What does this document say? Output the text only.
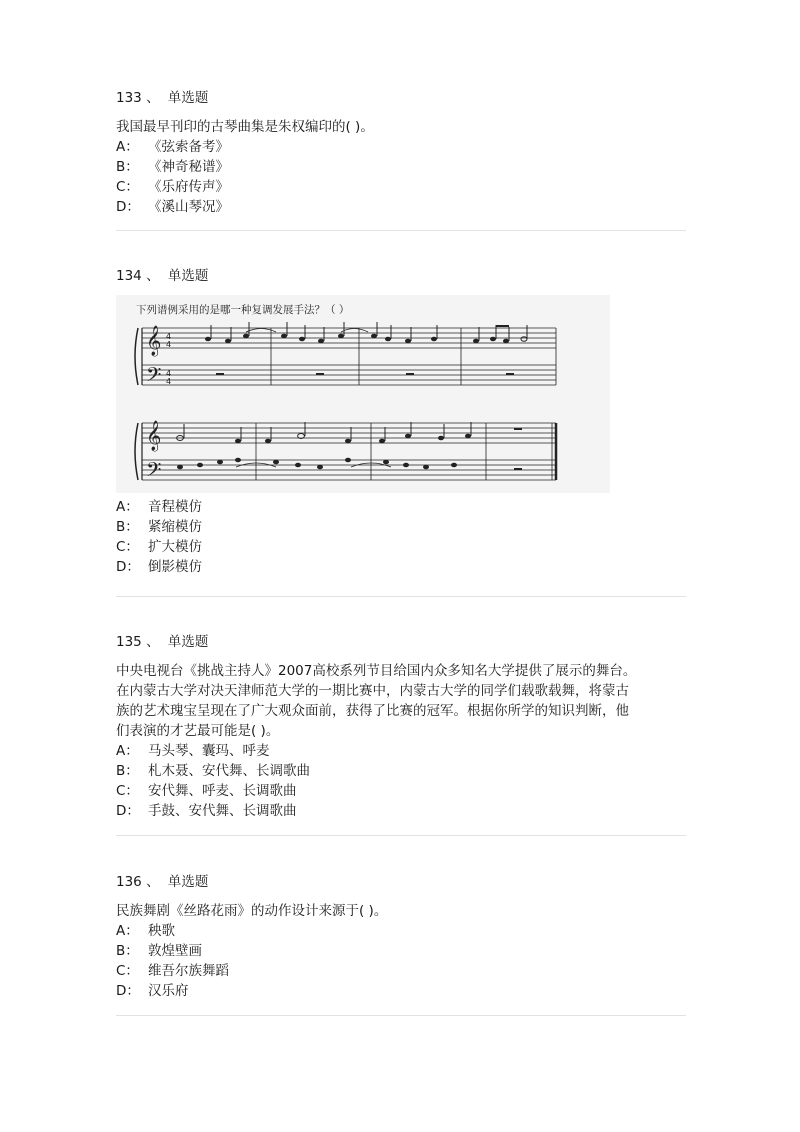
133 、 单选题
我国最早刊印的古琴曲集是朱权编印的( )。
A： 《弦索备考》
B： 《神奇秘谱》
C： 《乐府传声》
D： 《溪山琴况》
134 、 单选题
下列谱例采用的是哪一种复调发展手法？（ ）
𝄞
𝄢
4
4
4
4
𝄞
𝄢
A： 音程模仿
B： 紧缩模仿
C： 扩大模仿
D： 倒影模仿
135 、 单选题
中央电视台《挑战主持人》2007高校系列节目给国内众多知名大学提供了展示的舞台。
在内蒙古大学对决天津师范大学的一期比赛中，内蒙古大学的同学们载歌载舞，将蒙古
族的艺术瑰宝呈现在了广大观众面前，获得了比赛的冠军。根据你所学的知识判断，他
们表演的才艺最可能是( )。
A： 马头琴、囊玛、呼麦
B： 札木聂、安代舞、长调歌曲
C： 安代舞、呼麦、长调歌曲
D： 手鼓、安代舞、长调歌曲
136 、 单选题
民族舞剧《丝路花雨》的动作设计来源于( )。
A： 秧歌
B： 敦煌壁画
C： 维吾尔族舞蹈
D： 汉乐府
